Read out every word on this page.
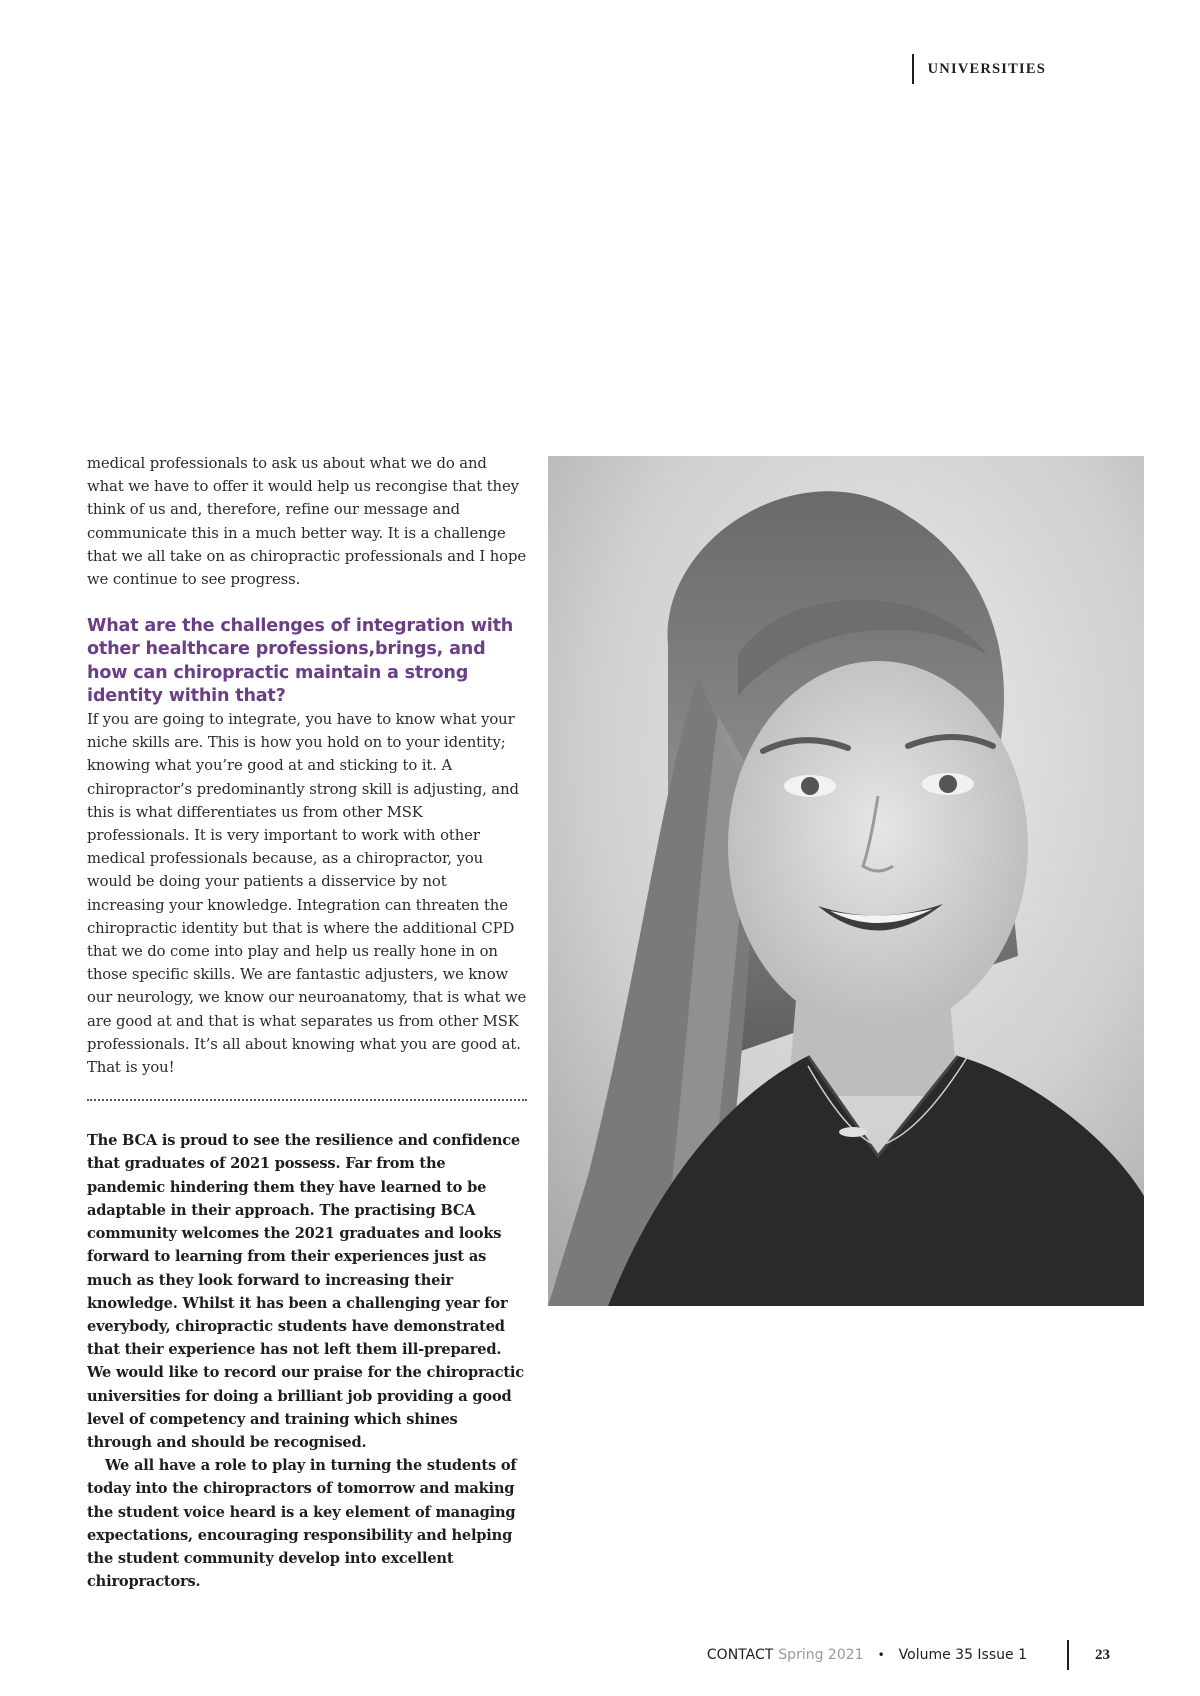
UNIVERSITIES

medical professionals to ask us about what we do and what we have to offer it would help us recongise that they think of us and, therefore, refine our message and communicate this in a much better way. It is a challenge that we all take on as chiropractic professionals and I hope we continue to see progress.

What are the challenges of integration with other healthcare professions,brings, and how can chiropractic maintain a strong identity within that?

If you are going to integrate, you have to know what your niche skills are. This is how you hold on to your identity; knowing what you’re good at and sticking to it. A chiropractor’s predominantly strong skill is adjusting, and this is what differentiates us from other MSK professionals. It is very important to work with other medical professionals because, as a chiropractor, you would be doing your patients a disservice by not increasing your knowledge. Integration can threaten the chiropractic identity but that is where the additional CPD that we do come into play and help us really hone in on those specific skills. We are fantastic adjusters, we know our neurology, we know our neuroanatomy, that is what we are good at and that is what separates us from other MSK professionals. It’s all about knowing what you are good at. That is you!

The BCA is proud to see the resilience and confidence that graduates of 2021 possess. Far from the pandemic hindering them they have learned to be adaptable in their approach. The practising BCA community welcomes the 2021 graduates and looks forward to learning from their experiences just as much as they look forward to increasing their knowledge. Whilst it has been a challenging year for everybody, chiropractic students have demonstrated that their experience has not left them ill-prepared. We would like to record our praise for the chiropractic universities for doing a brilliant job providing a good level of competency and training which shines through and should be recognised.

We all have a role to play in turning the students of today into the chiropractors of tomorrow and making the student voice heard is a key element of managing expectations, encouraging responsibility and helping the student community develop into excellent chiropractors.

CONTACT Spring 2021 • Volume 35 Issue 1	23
